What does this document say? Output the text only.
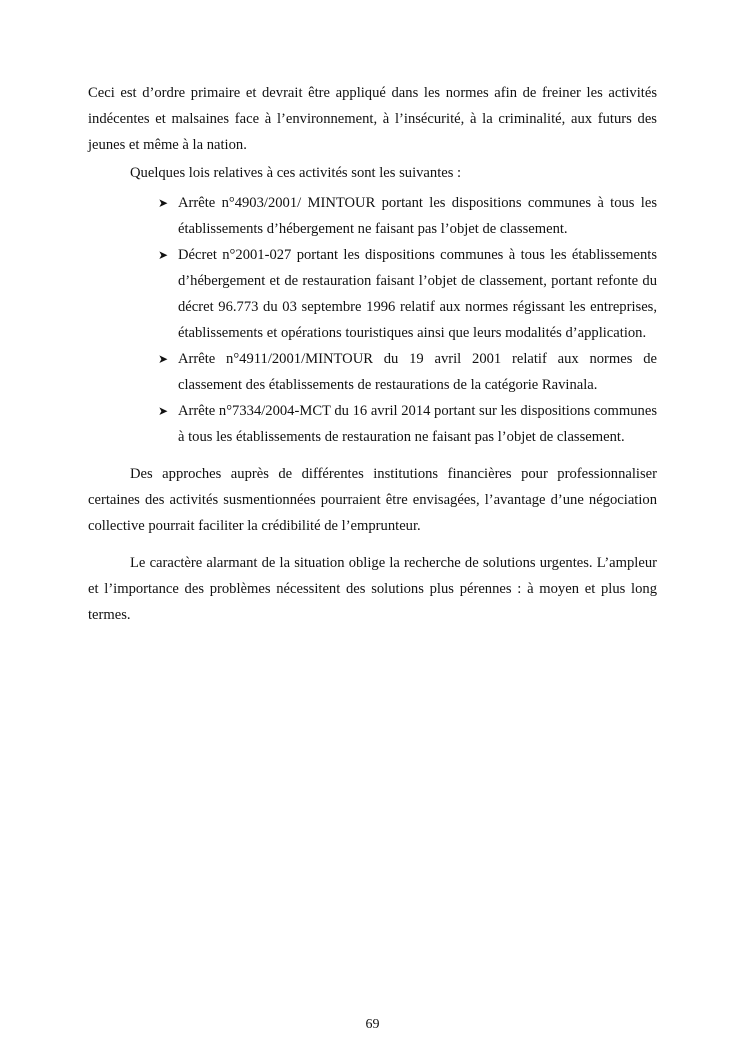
Ceci est d’ordre primaire et devrait être appliqué dans les normes afin de freiner les activités indécentes et malsaines face à l’environnement, à l’insécurité, à la criminalité, aux futurs des jeunes et même à la nation.

Quelques lois relatives à ces activités sont les suivantes :

➤ Arrête n°4903/2001/ MINTOUR portant les dispositions communes à tous les établissements d’hébergement ne faisant pas l’objet de classement.
➤ Décret n°2001-027 portant les dispositions communes à tous les établissements d’hébergement et de restauration faisant l’objet de classement, portant refonte du décret 96.773 du 03 septembre 1996 relatif aux normes régissant les entreprises, établissements et opérations touristiques ainsi que leurs modalités d’application.
➤ Arrête n°4911/2001/MINTOUR du 19 avril 2001 relatif aux normes de classement des établissements de restaurations de la catégorie Ravinala.
➤ Arrête n°7334/2004-MCT du 16 avril 2014 portant sur les dispositions communes à tous les établissements de restauration ne faisant pas l’objet de classement.

Des approches auprès de différentes institutions financières pour professionnaliser certaines des activités susmentionnées pourraient être envisagées, l’avantage d’une négociation collective pourrait faciliter la crédibilité de l’emprunteur.

Le caractère alarmant de la situation oblige la recherche de solutions urgentes. L’ampleur et l’importance des problèmes nécessitent des solutions plus pérennes : à moyen et plus long termes.

69
